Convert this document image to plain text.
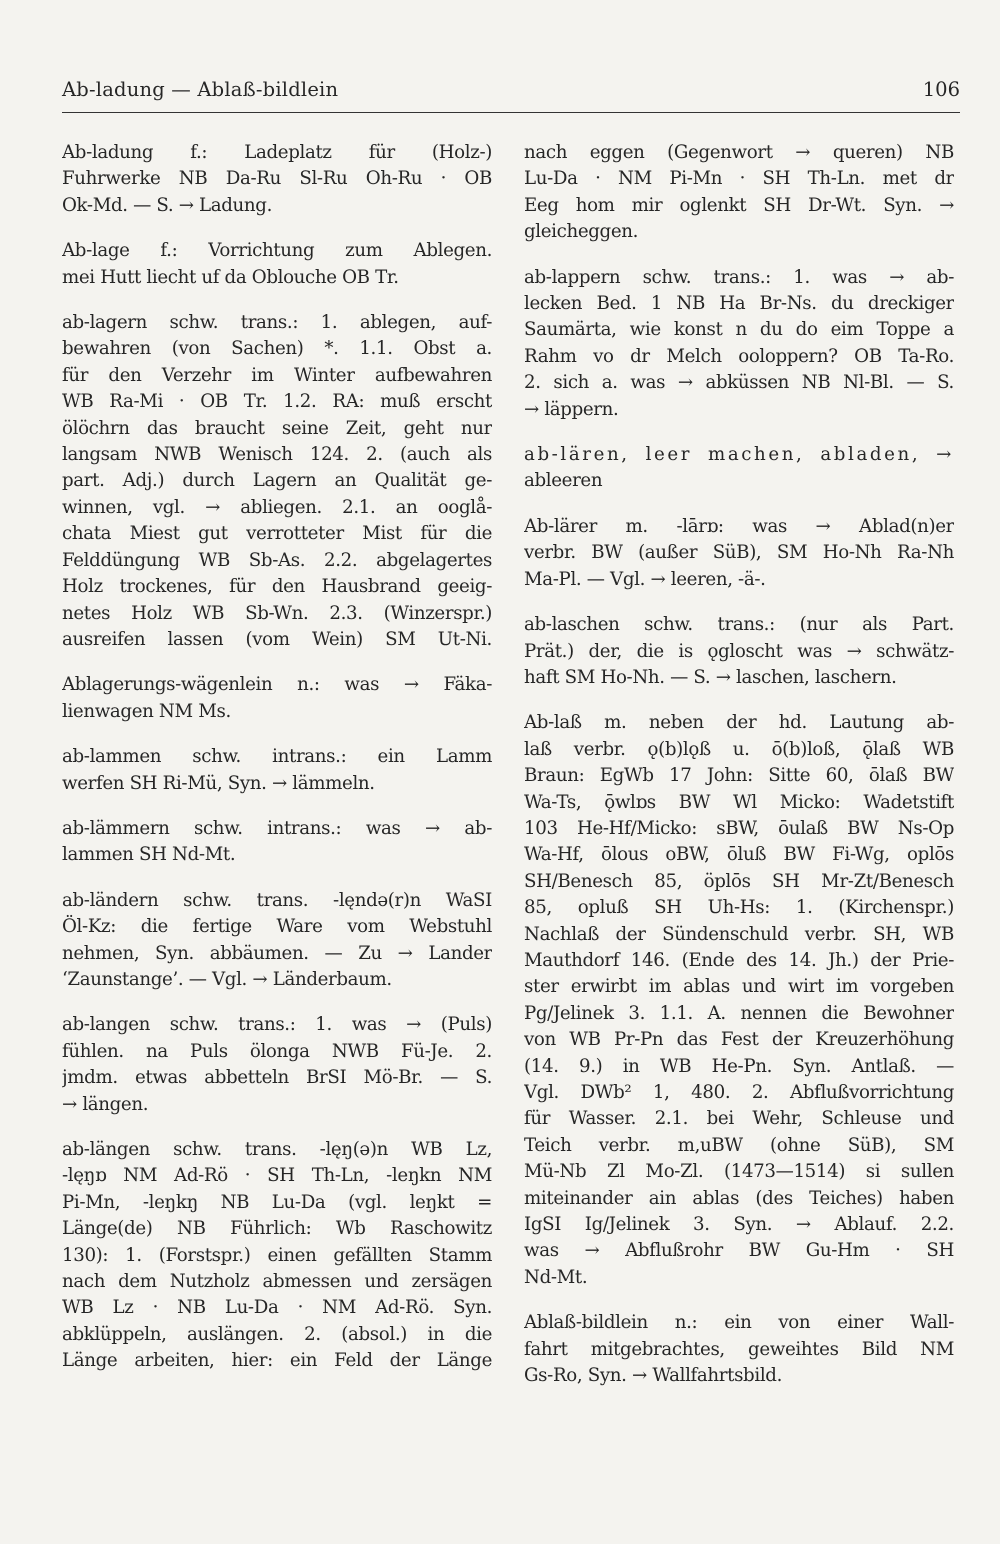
Ab-ladung — Ablaß-bildlein	106

Ab-ladung f.: Ladeplatz für (Holz-)
Fuhrwerke NB Da-Ru Sl-Ru Oh-Ru · OB
Ok-Md. — S. → Ladung.

Ab-lage f.: Vorrichtung zum Ablegen.
mei Hutt liecht uf da Oblouche OB Tr.

ab-lagern schw. trans.: 1. ablegen, auf-
bewahren (von Sachen) *. 1.1. Obst a.
für den Verzehr im Winter aufbewahren
WB Ra-Mi · OB Tr. 1.2. RA: muß erscht
ölöchrn das braucht seine Zeit, geht nur
langsam NWB Wenisch 124. 2. (auch als
part. Adj.) durch Lagern an Qualität ge-
winnen, vgl. → abliegen. 2.1. an ooglå-
chata Miest gut verrotteter Mist für die
Felddüngung WB Sb-As. 2.2. abgelagertes
Holz trockenes, für den Hausbrand geeig-
netes Holz WB Sb-Wn. 2.3. (Winzerspr.)
ausreifen lassen (vom Wein) SM Ut-Ni.

Ablagerungs-wägenlein n.: was → Fäka-
lienwagen NM Ms.

ab-lammen schw. intrans.: ein Lamm
werfen SH Ri-Mü, Syn. → lämmeln.

ab-lämmern schw. intrans.: was → ab-
lammen SH Nd-Mt.

ab-ländern schw. trans. -lęndə(r)n WaSI
Öl-Kz: die fertige Ware vom Webstuhl
nehmen, Syn. abbäumen. — Zu → Lander
‘Zaunstange’. — Vgl. → Länderbaum.

ab-langen schw. trans.: 1. was → (Puls)
fühlen. na Puls ölonga NWB Fü-Je. 2.
jmdm. etwas abbetteln BrSI Mö-Br. — S.
→ längen.

ab-längen schw. trans. -lęŋ(ə)n WB Lz,
-lęŋɒ NM Ad-Rö · SH Th-Ln, -leŋkn NM
Pi-Mn, -leŋkŋ NB Lu-Da (vgl. leŋkt =
Länge(de) NB Führlich: Wb Raschowitz
130): 1. (Forstspr.) einen gefällten Stamm
nach dem Nutzholz abmessen und zersägen
WB Lz · NB Lu-Da · NM Ad-Rö. Syn.
abklüppeln, auslängen. 2. (absol.) in die
Länge arbeiten, hier: ein Feld der Länge

nach eggen (Gegenwort → queren) NB
Lu-Da · NM Pi-Mn · SH Th-Ln. met dr
Eeg hom mir oglenkt SH Dr-Wt. Syn. →
gleicheggen.

ab-lappern schw. trans.: 1. was → ab-
lecken Bed. 1 NB Ha Br-Ns. du dreckiger
Saumärta, wie konst n du do eim Toppe a
Rahm vo dr Melch ooloppern? OB Ta-Ro.
2. sich a. was → abküssen NB Nl-Bl. — S.
→ läppern.

ab-lären, leer machen, abladen, →
ableeren

Ab-lärer m. -lārɒ: was → Ablad(n)er
verbr. BW (außer SüB), SM Ho-Nh Ra-Nh
Ma-Pl. — Vgl. → leeren, -ä-.

ab-laschen schw. trans.: (nur als Part.
Prät.) der, die is ǫgloscht was → schwätz-
haft SM Ho-Nh. — S. → laschen, laschern.

Ab-laß m. neben der hd. Lautung ab-
laß verbr. ǫ(b)lǫß u. ō(b)loß, ǭlaß WB
Braun: EgWb 17 John: Sitte 60, ōlaß BW
Wa-Ts, ǭwlɒs BW Wl Micko: Wadetstift
103 He-Hf/Micko: sBW, ōulaß BW Ns-Op
Wa-Hf, ōlous oBW, ōluß BW Fi-Wg, oplōs
SH/Benesch 85, öplōs SH Mr-Zt/Benesch
85, opluß SH Uh-Hs: 1. (Kirchenspr.)
Nachlaß der Sündenschuld verbr. SH, WB
Mauthdorf 146. (Ende des 14. Jh.) der Prie-
ster erwirbt im ablas und wirt im vorgeben
Pg/Jelinek 3. 1.1. A. nennen die Bewohner
von WB Pr-Pn das Fest der Kreuzerhöhung
(14. 9.) in WB He-Pn. Syn. Antlaß. —
Vgl. DWb² 1, 480. 2. Abflußvorrichtung
für Wasser. 2.1. bei Wehr, Schleuse und
Teich verbr. m,uBW (ohne SüB), SM
Mü-Nb Zl Mo-Zl. (1473—1514) si sullen
miteinander ain ablas (des Teiches) haben
IgSI Ig/Jelinek 3. Syn. → Ablauf. 2.2.
was → Abflußrohr BW Gu-Hm · SH
Nd-Mt.

Ablaß-bildlein n.: ein von einer Wall-
fahrt mitgebrachtes, geweihtes Bild NM
Gs-Ro, Syn. → Wallfahrtsbild.
